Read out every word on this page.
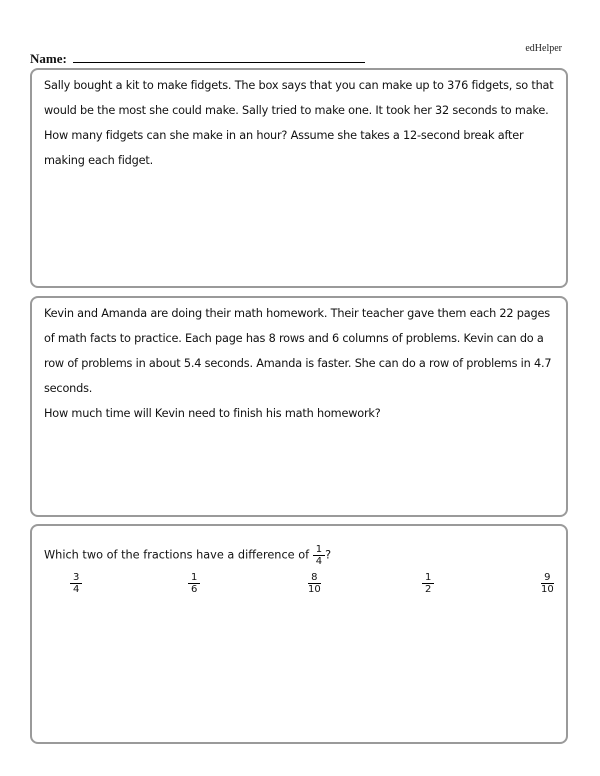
edHelper
Name:

Sally bought a kit to make fidgets. The box says that you can make up to 376 fidgets, so that would be the most she could make. Sally tried to make one. It took her 32 seconds to make. How many fidgets can she make in an hour? Assume she takes a 12-second break after making each fidget.

Kevin and Amanda are doing their math homework. Their teacher gave them each 22 pages of math facts to practice. Each page has 8 rows and 6 columns of problems. Kevin can do a row of problems in about 5.4 seconds. Amanda is faster. She can do a row of problems in 4.7 seconds.

How much time will Kevin need to finish his math homework?

Which two of the fractions have a difference of $\frac{1}{4}$ ?
$\frac{3}{4}$	$\frac{1}{6}$	$\frac{8}{10}$	$\frac{1}{2}$	$\frac{9}{10}$
